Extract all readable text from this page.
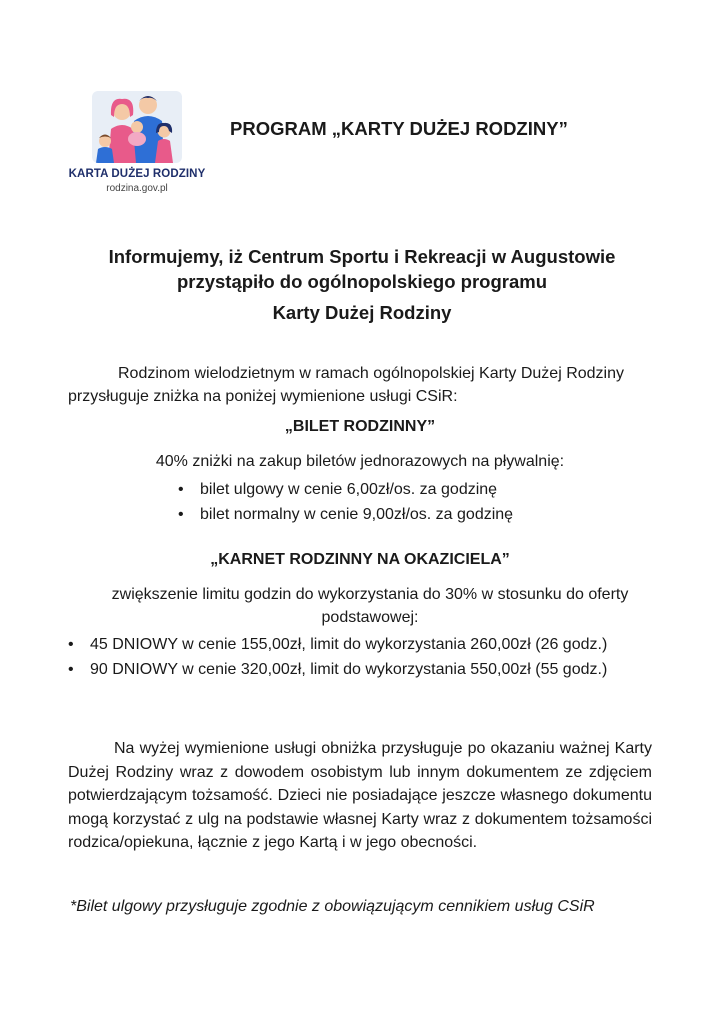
KARTA DUŻEJ RODZINY
rodzina.gov.pl
PROGRAM „KARTY DUŻEJ RODZINY”
Informujemy, iż Centrum Sportu i Rekreacji w Augustowie
przystąpiło do ogólnopolskiego programu
Karty Dużej Rodziny
Rodzinom wielodzietnym w ramach ogólnopolskiej Karty Dużej Rodziny przysługuje zniżka na poniżej wymienione usługi CSiR:
„BILET RODZINNY”
40% zniżki na zakup biletów jednorazowych na pływalnię:
• bilet ulgowy w cenie 6,00zł/os. za godzinę
• bilet normalny w cenie 9,00zł/os. za godzinę
„KARNET RODZINNY NA OKAZICIELA”
zwiększenie limitu godzin do wykorzystania do 30% w stosunku do oferty podstawowej:
• 45 DNIOWY w cenie 155,00zł, limit do wykorzystania 260,00zł (26 godz.)
• 90 DNIOWY w cenie 320,00zł, limit do wykorzystania 550,00zł (55 godz.)
Na wyżej wymienione usługi obniżka przysługuje po okazaniu ważnej Karty Dużej Rodziny wraz z dowodem osobistym lub innym dokumentem ze zdjęciem potwierdzającym tożsamość. Dzieci nie posiadające jeszcze własnego dokumentu mogą korzystać z ulg na podstawie własnej Karty wraz z dokumentem tożsamości rodzica/opiekuna, łącznie z jego Kartą i w jego obecności.
*Bilet ulgowy przysługuje zgodnie z obowiązującym cennikiem usług CSiR
